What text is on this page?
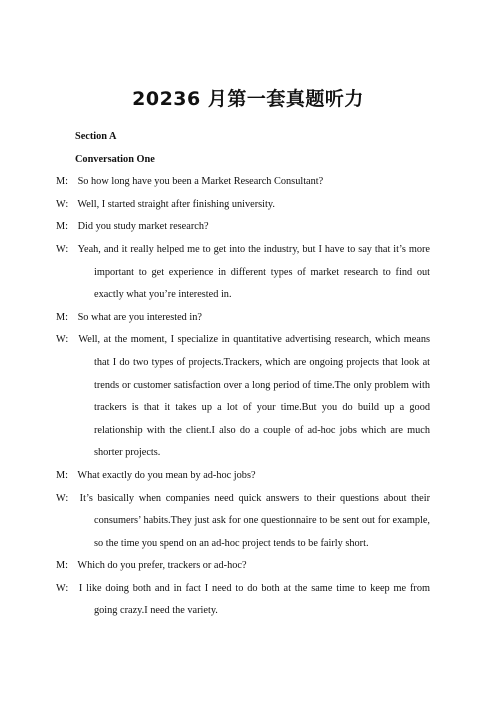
20236 月第一套真题听力
Section A
Conversation One

M: So how long have you been a Market Research Consultant?

W: Well, I started straight after finishing university.

M: Did you study market research?

W: Yeah, and it really helped me to get into the industry, but I have to say that it’s more important to get experience in different types of market research to find out exactly what you’re interested in.

M: So what are you interested in?

W: Well, at the moment, I specialize in quantitative advertising research, which means that I do two types of projects.Trackers, which are ongoing projects that look at trends or customer satisfaction over a long period of time.The only problem with trackers is that it takes up a lot of your time.But you do build up a good relationship with the client.I also do a couple of ad-hoc jobs which are much shorter projects.

M: What exactly do you mean by ad-hoc jobs?

W: It’s basically when companies need quick answers to their questions about their consumers’ habits.They just ask for one questionnaire to be sent out for example, so the time you spend on an ad-hoc project tends to be fairly short.

M: Which do you prefer, trackers or ad-hoc?

W: I like doing both and in fact I need to do both at the same time to keep me from going crazy.I need the variety.
